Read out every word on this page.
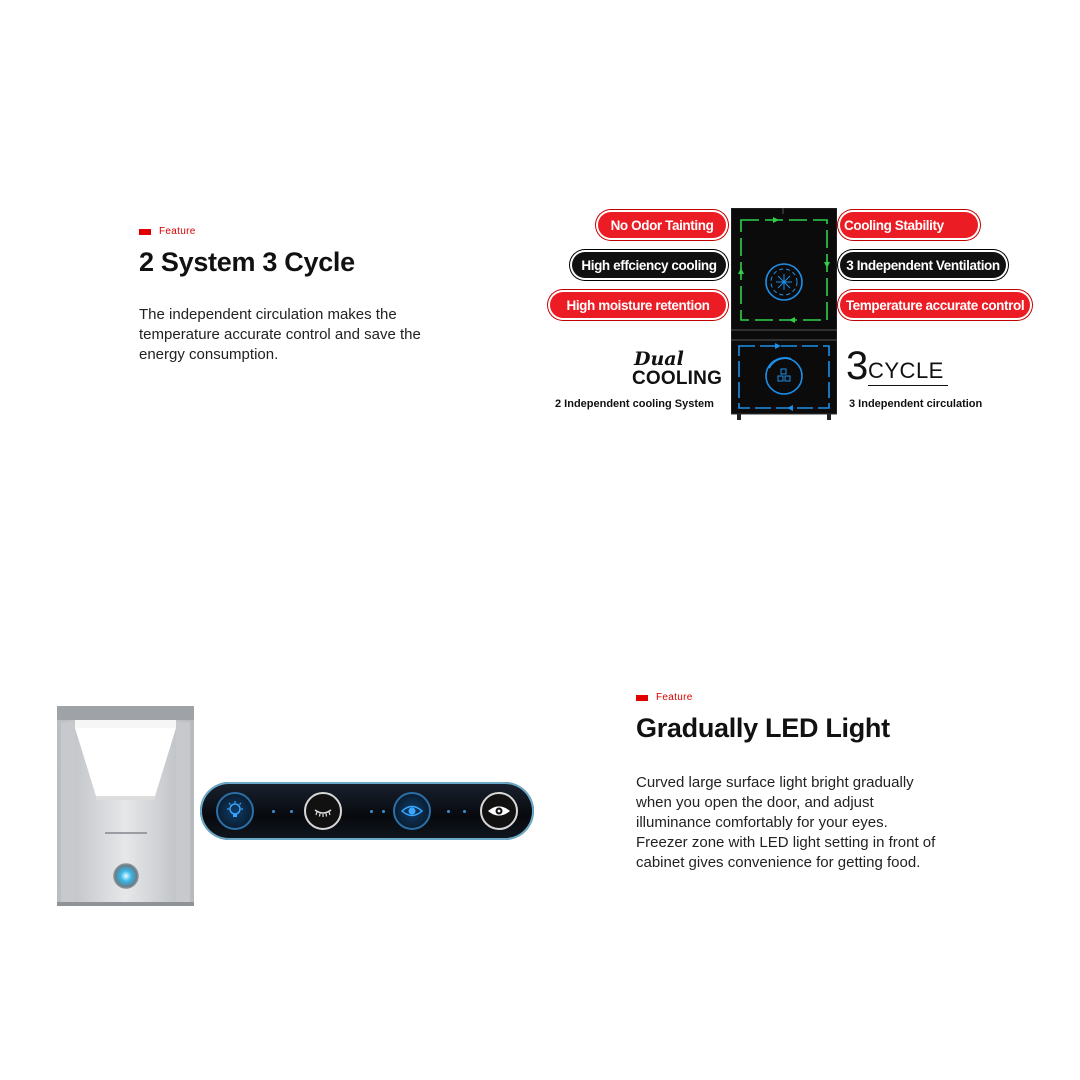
Feature
2 System 3 Cycle
The independent circulation makes the temperature accurate control and save the energy consumption.
No Odor Tainting
High effciency cooling
High moisture retention
Cooling Stability
3 Independent Ventilation
Temperature accurate control
Dual
COOLING
2 Independent cooling System
3 CYCLE
3 Independent circulation
Feature
Gradually LED Light
Curved large surface light bright gradually when you open the door, and adjust illuminance comfortably for your eyes. Freezer zone with LED light setting in front of cabinet gives convenience for getting food.
